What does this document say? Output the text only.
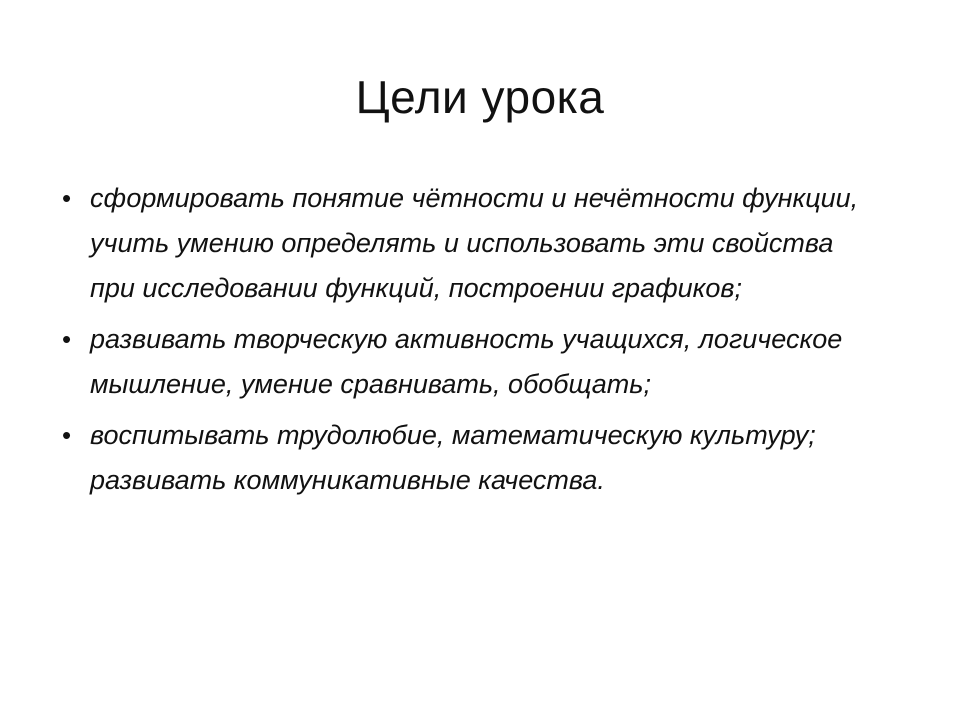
Цели урока
• сформировать понятие чётности и нечётности функции, учить умению определять и использовать эти свойства при исследовании функций, построении графиков;
• развивать творческую активность учащихся, логическое мышление, умение сравнивать, обобщать;
• воспитывать трудолюбие, математическую культуру; развивать коммуникативные качества.
